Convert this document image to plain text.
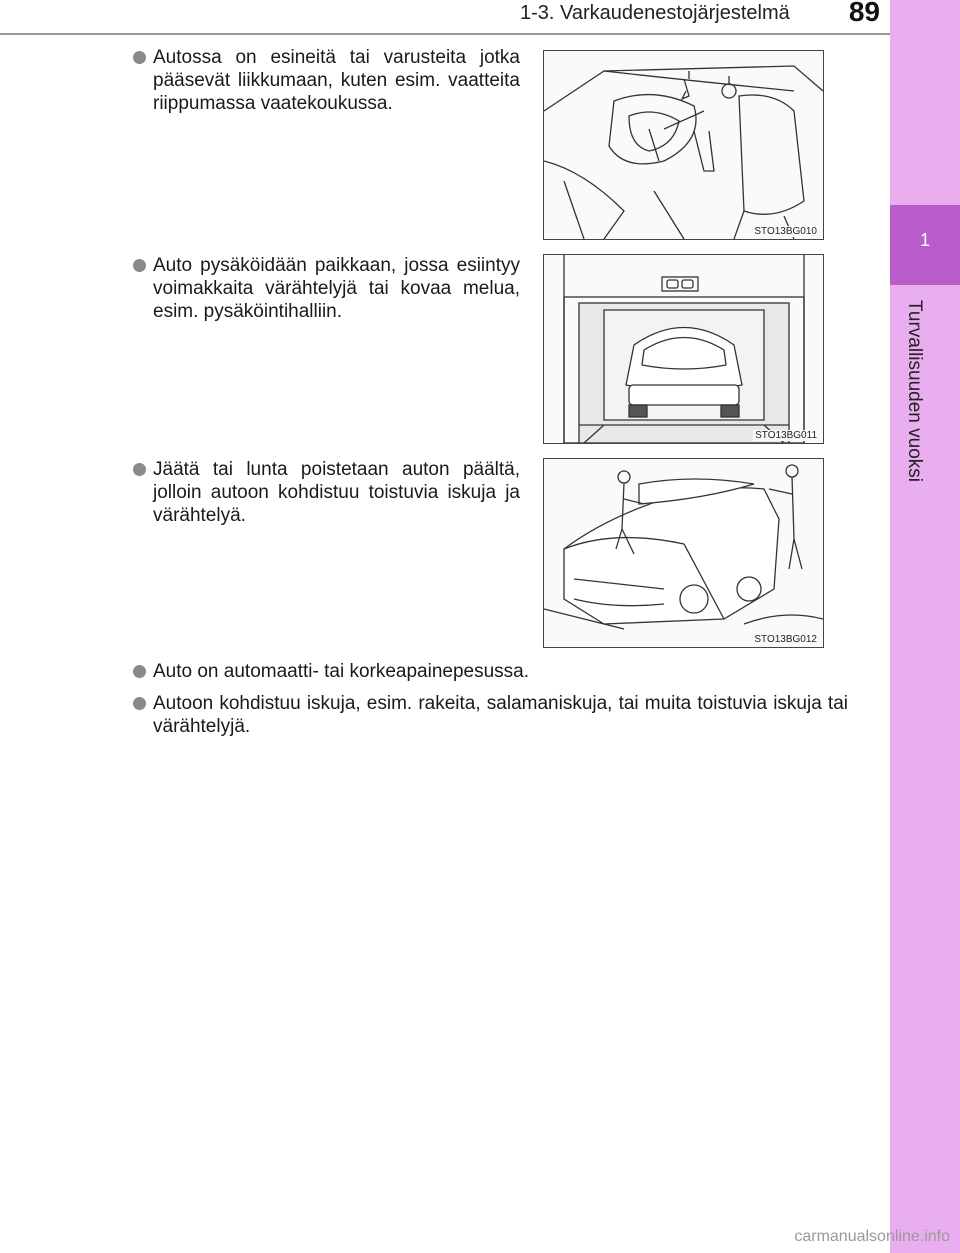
1-3. Varkaudenestojärjestelmä	89
1
Turvallisuuden vuoksi
Autossa on esineitä tai varusteita jotka pääsevät liikkumaan, kuten esim. vaatteita riippumassa vaatekoukussa.
STO13BG010
Auto pysäköidään paikkaan, jossa esiintyy voimakkaita värähtelyjä tai kovaa melua, esim. pysäköintihalliin.
STO13BG011
Jäätä tai lunta poistetaan auton päältä, jolloin autoon kohdistuu toistuvia iskuja ja värähtelyä.
STO13BG012
Auto on automaatti- tai korkeapainepesussa.
Autoon kohdistuu iskuja, esim. rakeita, salamaniskuja, tai muita toistuvia iskuja tai värähtelyjä.
carmanualsonline.info
